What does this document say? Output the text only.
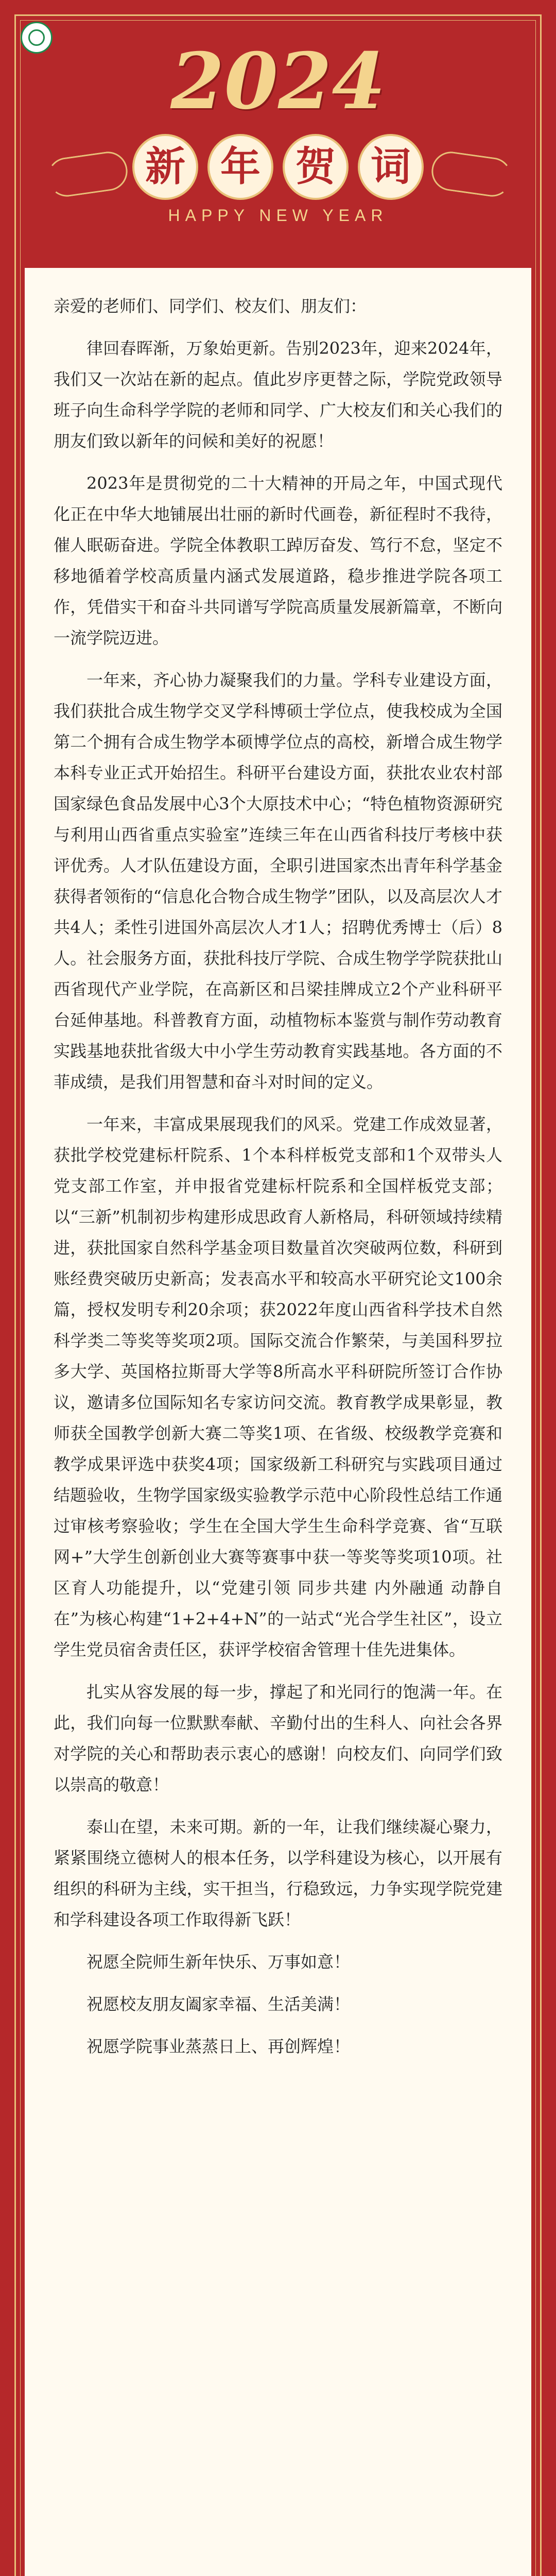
2024
新 年 贺 词
HAPPY NEW YEAR

亲爱的老师们、同学们、校友们、朋友们：

律回春晖渐，万象始更新。告别2023年，迎来2024年，我们又一次站在新的起点。值此岁序更替之际，学院党政领导班子向生命科学学院的老师和同学、广大校友们和关心我们的朋友们致以新年的问候和美好的祝愿！

2023年是贯彻党的二十大精神的开局之年，中国式现代化正在中华大地铺展出壮丽的新时代画卷，新征程时不我待，催人眠砺奋进。学院全体教职工踔厉奋发、笃行不怠，坚定不移地循着学校高质量内涵式发展道路，稳步推进学院各项工作，凭借实干和奋斗共同谱写学院高质量发展新篇章，不断向一流学院迈进。

一年来，齐心协力凝聚我们的力量。学科专业建设方面，我们获批合成生物学交叉学科博硕士学位点，使我校成为全国第二个拥有合成生物学本硕博学位点的高校，新增合成生物学本科专业正式开始招生。科研平台建设方面，获批农业农村部国家绿色食品发展中心3个大原技术中心；“特色植物资源研究与利用山西省重点实验室”连续三年在山西省科技厅考核中获评优秀。人才队伍建设方面，全职引进国家杰出青年科学基金获得者领衔的“信息化合物合成生物学”团队，以及高层次人才共4人；柔性引进国外高层次人才1人；招聘优秀博士（后）8人。社会服务方面，获批科技厅学院、合成生物学学院获批山西省现代产业学院，在高新区和吕梁挂牌成立2个产业科研平台延伸基地。科普教育方面，动植物标本鉴赏与制作劳动教育实践基地获批省级大中小学生劳动教育实践基地。各方面的不菲成绩，是我们用智慧和奋斗对时间的定义。

一年来，丰富成果展现我们的风采。党建工作成效显著，获批学校党建标杆院系、1个本科样板党支部和1个双带头人党支部工作室，并申报省党建标杆院系和全国样板党支部；以“三新”机制初步构建形成思政育人新格局，科研领域持续精进，获批国家自然科学基金项目数量首次突破两位数，科研到账经费突破历史新高；发表高水平和较高水平研究论文100余篇，授权发明专利20余项；获2022年度山西省科学技术自然科学类二等奖等奖项2项。国际交流合作繁荣，与美国科罗拉多大学、英国格拉斯哥大学等8所高水平科研院所签订合作协议，邀请多位国际知名专家访问交流。教育教学成果彰显，教师获全国教学创新大赛二等奖1项、在省级、校级教学竞赛和教学成果评选中获奖4项；国家级新工科研究与实践项目通过结题验收，生物学国家级实验教学示范中心阶段性总结工作通过审核考察验收；学生在全国大学生生命科学竞赛、省“互联网+”大学生创新创业大赛等赛事中获一等奖等奖项10项。社区育人功能提升，以“党建引领 同步共建 内外融通 动静自在”为核心构建“1+2+4+N”的一站式“光合学生社区”，设立学生党员宿舍责任区，获评学校宿舍管理十佳先进集体。

扎实从容发展的每一步，撑起了和光同行的饱满一年。在此，我们向每一位默默奉献、辛勤付出的生科人、向社会各界对学院的关心和帮助表示衷心的感谢！向校友们、向同学们致以崇高的敬意！

泰山在望，未来可期。新的一年，让我们继续凝心聚力，紧紧围绕立德树人的根本任务，以学科建设为核心，以开展有组织的科研为主线，实干担当，行稳致远，力争实现学院党建和学科建设各项工作取得新飞跃！

祝愿全院师生新年快乐、万事如意！

祝愿校友朋友阖家幸福、生活美满！

祝愿学院事业蒸蒸日上、再创辉煌！
